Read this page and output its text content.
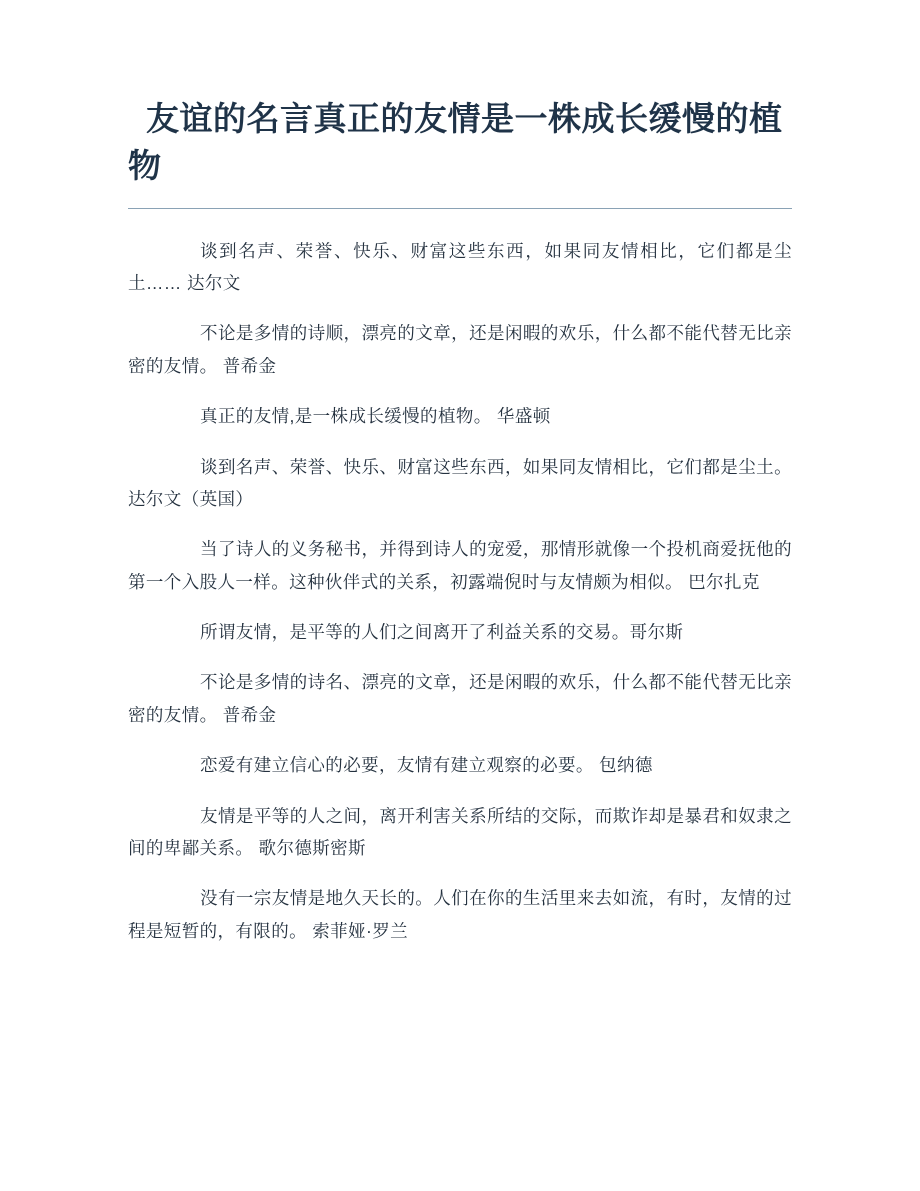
友谊的名言真正的友情是一株成长缓慢的植物

谈到名声、荣誉、快乐、财富这些东西，如果同友情相比，它们都是尘土…… 达尔文

不论是多情的诗顺，漂亮的文章，还是闲暇的欢乐，什么都不能代替无比亲密的友情。 普希金

真正的友情,是一株成长缓慢的植物。 华盛顿

谈到名声、荣誉、快乐、财富这些东西，如果同友情相比，它们都是尘土。 达尔文（英国）

当了诗人的义务秘书，并得到诗人的宠爱，那情形就像一个投机商爱抚他的第一个入股人一样。这种伙伴式的关系，初露端倪时与友情颇为相似。 巴尔扎克

所谓友情，是平等的人们之间离开了利益关系的交易。哥尔斯

不论是多情的诗名、漂亮的文章，还是闲暇的欢乐，什么都不能代替无比亲密的友情。 普希金

恋爱有建立信心的必要，友情有建立观察的必要。 包纳德

友情是平等的人之间，离开利害关系所结的交际，而欺诈却是暴君和奴隶之间的卑鄙关系。 歌尔德斯密斯

没有一宗友情是地久天长的。人们在你的生活里来去如流，有时，友情的过程是短暂的，有限的。 索菲娅·罗兰
